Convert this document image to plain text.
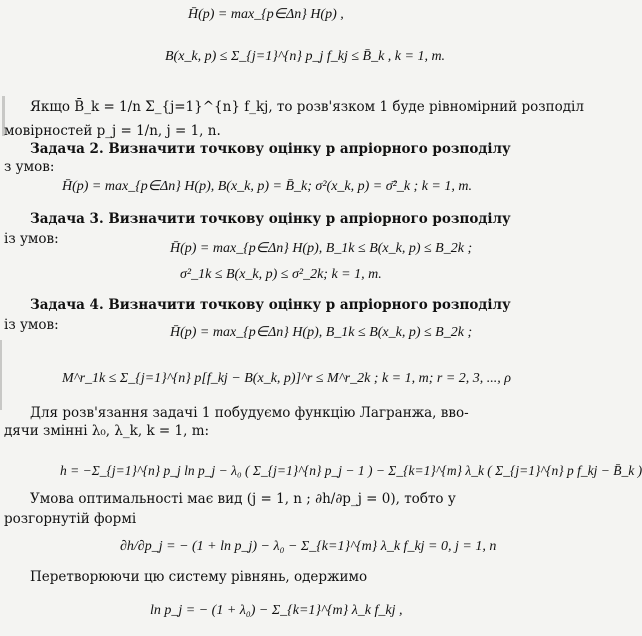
H̄(p) = max_{p∈Δn} H(p) ,
B(x_k, p) ≤ Σ_{j=1}^{n} p_j f_kj ≤ B̄_k , k = 1, m.
Якщо B̄_k = 1/n Σ_{j=1}^{n} f_kj, то розв'язком 1 буде рівномірний розподіл
мовірностей p_j = 1/n, j = 1, n.
Задача 2. Визначити точкову оцінку p апріорного розподілу
з умов:
H̄(p) = max_{p∈Δn} H(p), B(x_k, p) = B̄_k; σ²(x_k, p) = σ̄²_k ; k = 1, m.
Задача 3. Визначити точкову оцінку p апріорного розподілу
із умов:
H̄(p) = max_{p∈Δn} H(p), B_1k ≤ B(x_k, p) ≤ B_2k ;
σ²_1k ≤ B(x_k, p) ≤ σ²_2k; k = 1, m.
Задача 4. Визначити точкову оцінку p апріорного розподілу
із умов:	H̄(p) = max_{p∈Δn} H(p), B_1k ≤ B(x_k, p) ≤ B_2k ;
M^r_1k ≤ Σ_{j=1}^{n} p[f_kj − B(x_k, p)]^r ≤ M^r_2k ; k = 1, m; r = 2, 3, ..., ρ
Для розв'язання задачі 1 побудуємо функцію Лагранжа, вво-
дячи змінні λ₀, λ_k, k = 1, m:
h = −Σ_{j=1}^{n} p_j ln p_j − λ₀ ( Σ_{j=1}^{n} p_j − 1 ) − Σ_{k=1}^{m} λ_k ( Σ_{j=1}^{n} p f_kj − B̄_k )
Умова оптимальності має вид (j = 1, n ; ∂h/∂p_j = 0), тобто у
розгорнутій формі
∂h/∂p_j = − (1 + ln p_j) − λ₀ − Σ_{k=1}^{m} λ_k f_kj = 0, j = 1, n
Перетворюючи цю систему рівнянь, одержимо
ln p_j = − (1 + λ₀) − Σ_{k=1}^{m} λ_k f_kj ,
